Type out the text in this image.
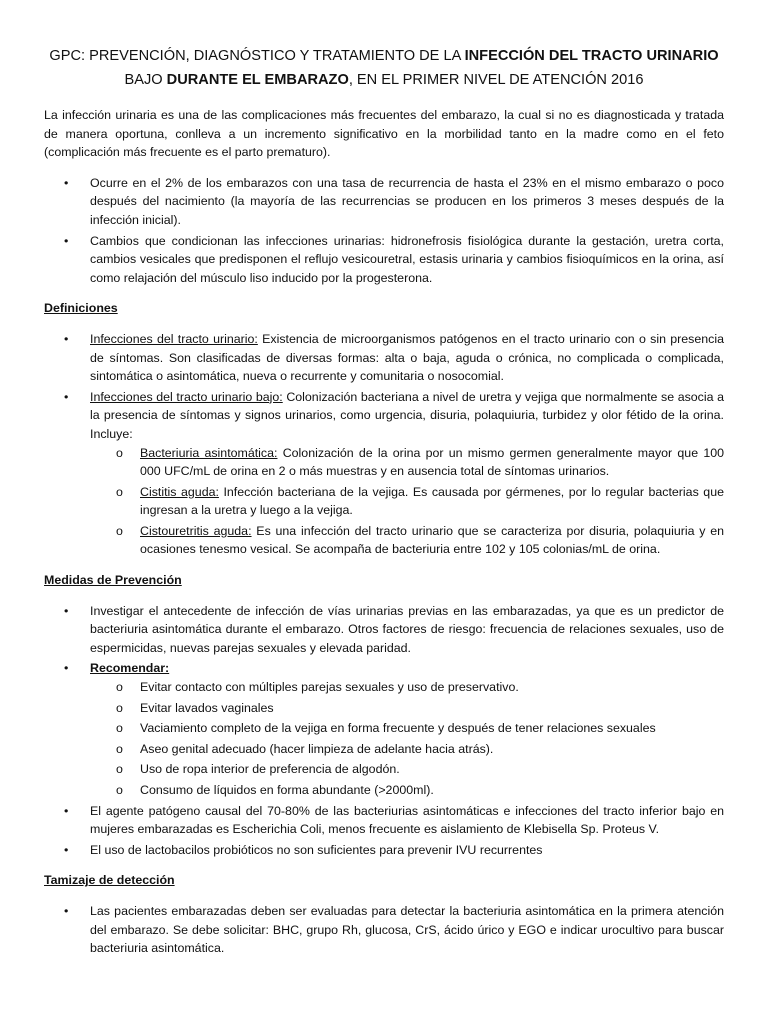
GPC: PREVENCIÓN, DIAGNÓSTICO Y TRATAMIENTO DE LA INFECCIÓN DEL TRACTO URINARIO
BAJO DURANTE EL EMBARAZO, EN EL PRIMER NIVEL DE ATENCIÓN 2016

La infección urinaria es una de las complicaciones más frecuentes del embarazo, la cual si no es diagnosticada y tratada de manera oportuna, conlleva a un incremento significativo en la morbilidad tanto en la madre como en el feto (complicación más frecuente es el parto prematuro).

• Ocurre en el 2% de los embarazos con una tasa de recurrencia de hasta el 23% en el mismo embarazo o poco después del nacimiento (la mayoría de las recurrencias se producen en los primeros 3 meses después de la infección inicial).
• Cambios que condicionan las infecciones urinarias: hidronefrosis fisiológica durante la gestación, uretra corta, cambios vesicales que predisponen el reflujo vesicouretral, estasis urinaria y cambios fisioquímicos en la orina, así como relajación del músculo liso inducido por la progesterona.
Definiciones
• Infecciones del tracto urinario: Existencia de microorganismos patógenos en el tracto urinario con o sin presencia de síntomas. Son clasificadas de diversas formas: alta o baja, aguda o crónica, no complicada o complicada, sintomática o asintomática, nueva o recurrente y comunitaria o nosocomial.
• Infecciones del tracto urinario bajo: Colonización bacteriana a nivel de uretra y vejiga que normalmente se asocia a la presencia de síntomas y signos urinarios, como urgencia, disuria, polaquiuria, turbidez y olor fétido de la orina. Incluye:
o Bacteriuria asintomática: Colonización de la orina por un mismo germen generalmente mayor que 100 000 UFC/mL de orina en 2 o más muestras y en ausencia total de síntomas urinarios.
o Cistitis aguda: Infección bacteriana de la vejiga. Es causada por gérmenes, por lo regular bacterias que ingresan a la uretra y luego a la vejiga.
o Cistouretritis aguda: Es una infección del tracto urinario que se caracteriza por disuria, polaquiuria y en ocasiones tenesmo vesical. Se acompaña de bacteriuria entre 102 y 105 colonias/mL de orina.
Medidas de Prevención
• Investigar el antecedente de infección de vías urinarias previas en las embarazadas, ya que es un predictor de bacteriuria asintomática durante el embarazo. Otros factores de riesgo: frecuencia de relaciones sexuales, uso de espermicidas, nuevas parejas sexuales y elevada paridad.
• Recomendar:
o Evitar contacto con múltiples parejas sexuales y uso de preservativo.
o Evitar lavados vaginales
o Vaciamiento completo de la vejiga en forma frecuente y después de tener relaciones sexuales
o Aseo genital adecuado (hacer limpieza de adelante hacia atrás).
o Uso de ropa interior de preferencia de algodón.
o Consumo de líquidos en forma abundante (>2000ml).
• El agente patógeno causal del 70-80% de las bacteriurias asintomáticas e infecciones del tracto inferior bajo en mujeres embarazadas es Escherichia Coli, menos frecuente es aislamiento de Klebisella Sp. Proteus V.
• El uso de lactobacilos probióticos no son suficientes para prevenir IVU recurrentes
Tamizaje de detección
• Las pacientes embarazadas deben ser evaluadas para detectar la bacteriuria asintomática en la primera atención del embarazo. Se debe solicitar: BHC, grupo Rh, glucosa, CrS, ácido úrico y EGO e indicar urocultivo para buscar bacteriuria asintomática.
